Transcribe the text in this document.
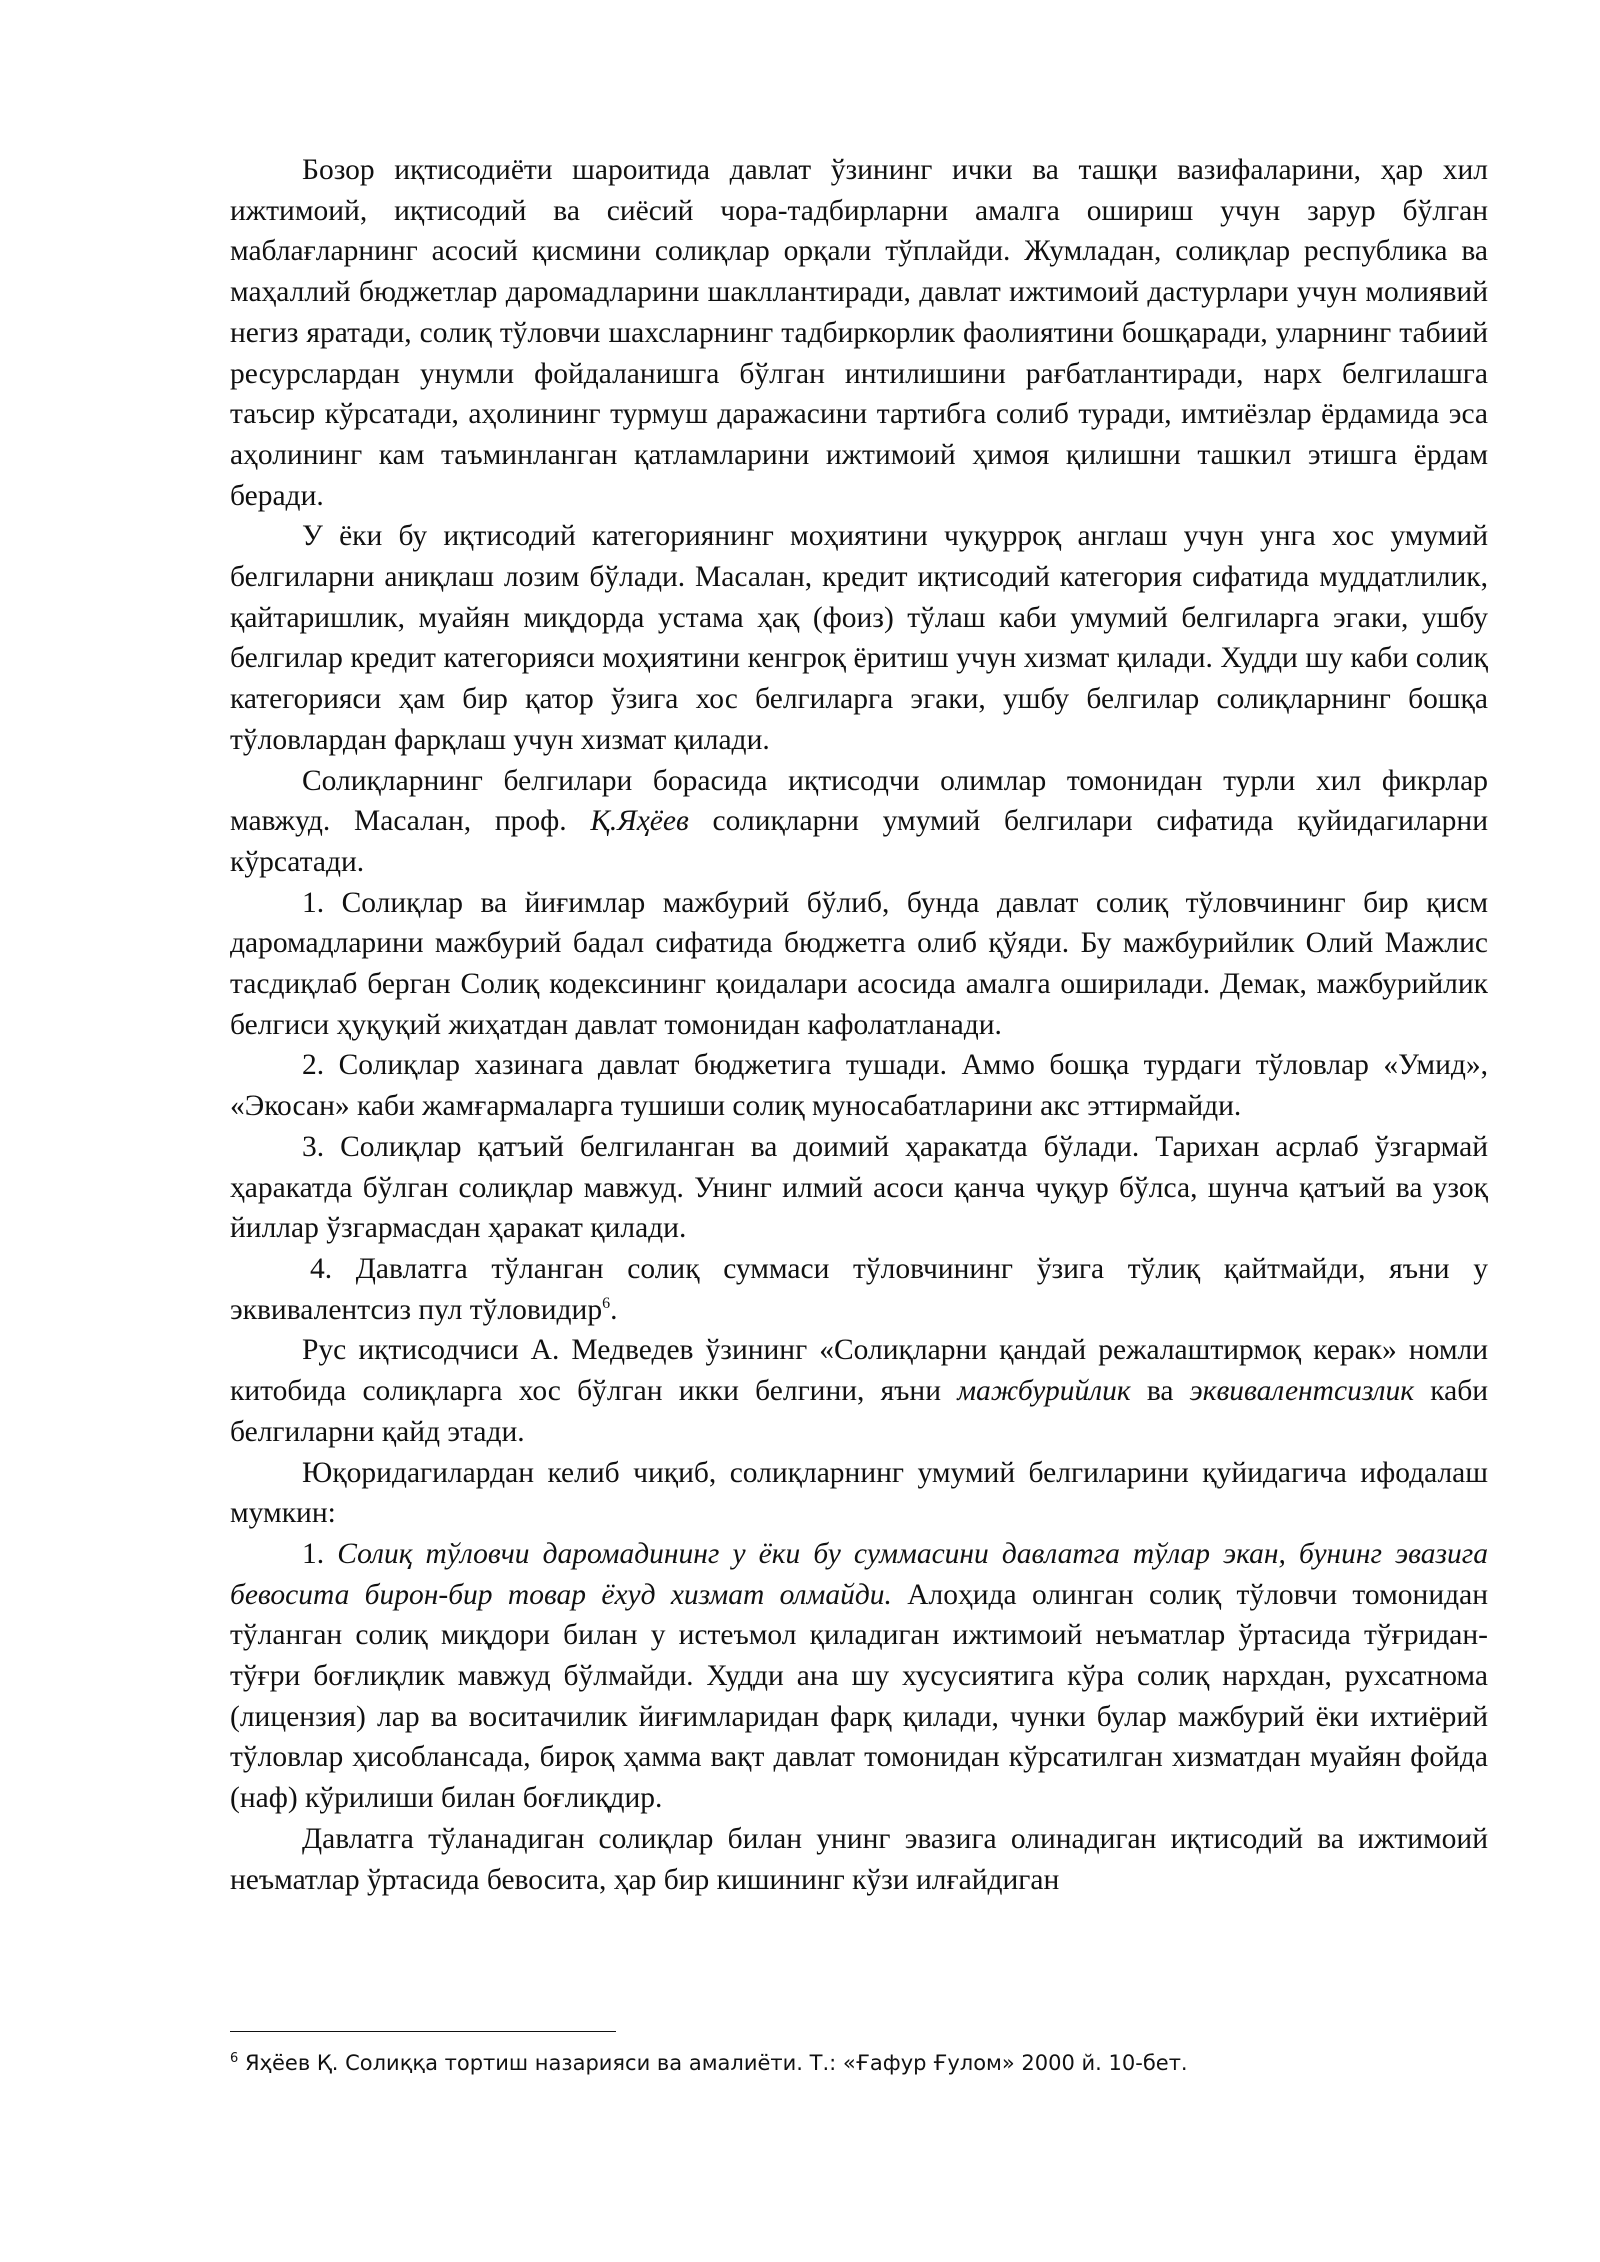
Бозор иқтисодиёти шароитида давлат ўзининг ички ва ташқи вазифаларини, ҳар хил ижтимоий, иқтисодий ва сиёсий чора-тадбирларни амалга ошириш учун зарур бўлган маблағларнинг асосий қисмини солиқлар орқали тўплайди. Жумладан, солиқлар республика ва маҳаллий бюджетлар даромадларини шакллантиради, давлат ижтимоий дастурлари учун молиявий негиз яратади, солиқ тўловчи шахсларнинг тадбиркорлик фаолиятини бошқаради, уларнинг табиий ресурслардан унумли фойдаланишга бўлган интилишини рағбатлантиради, нарх белгилашга таъсир кўрсатади, аҳолининг турмуш даражасини тартибга солиб туради, имтиёзлар ёрдамида эса аҳолининг кам таъминланган қатламларини ижтимоий ҳимоя қилишни ташкил этишга ёрдам беради.

У ёки бу иқтисодий категориянинг моҳиятини чуқурроқ англаш учун унга хос умумий белгиларни аниқлаш лозим бўлади. Масалан, кредит иқтисодий категория сифатида муддатлилик, қайтаришлик, муайян миқдорда устама ҳақ (фоиз) тўлаш каби умумий белгиларга эгаки, ушбу белгилар кредит категорияси моҳиятини кенгроқ ёритиш учун хизмат қилади. Худди шу каби солиқ категорияси ҳам бир қатор ўзига хос белгиларга эгаки, ушбу белгилар солиқларнинг бошқа тўловлардан фарқлаш учун хизмат қилади.

Солиқларнинг белгилари борасида иқтисодчи олимлар томонидан турли хил фикрлар мавжуд. Масалан, проф. Қ.Яҳёев солиқларни умумий белгилари сифатида қуйидагиларни кўрсатади.

1. Солиқлар ва йиғимлар мажбурий бўлиб, бунда давлат солиқ тўловчининг бир қисм даромадларини мажбурий бадал сифатида бюджетга олиб қўяди. Бу мажбурийлик Олий Мажлис тасдиқлаб берган Солиқ кодексининг қоидалари асосида амалга оширилади. Демак, мажбурийлик белгиси ҳуқуқий жиҳатдан давлат томонидан кафолатланади.

2. Солиқлар хазинага давлат бюджетига тушади. Аммо бошқа турдаги тўловлар «Умид», «Экосан» каби жамғармаларга тушиши солиқ муносабатларини акс эттирмайди.

3. Солиқлар қатъий белгиланган ва доимий ҳаракатда бўлади. Тарихан асрлаб ўзгармай ҳаракатда бўлган солиқлар мавжуд. Унинг илмий асоси қанча чуқур бўлса, шунча қатъий ва узоқ йиллар ўзгармасдан ҳаракат қилади.

4. Давлатга тўланган солиқ суммаси тўловчининг ўзига тўлиқ қайтмайди, яъни у эквивалентсиз пул тўловидир$^6$.

Рус иқтисодчиси А. Медведев ўзининг «Солиқларни қандай режалаштирмоқ керак» номли китобида солиқларга хос бўлган икки белгини, яъни мажбурийлик ва эквивалентсизлик каби белгиларни қайд этади.

Юқоридагилардан келиб чиқиб, солиқларнинг умумий белгиларини қуйидагича ифодалаш мумкин:

1. Солиқ тўловчи даромадининг у ёки бу суммасини давлатга тўлар экан, бунинг эвазига бевосита бирон-бир товар ёхуд хизмат олмайди. Алоҳида олинган солиқ тўловчи томонидан тўланган солиқ миқдори билан у истеъмол қиладиган ижтимоий неъматлар ўртасида тўғридан-тўғри боғлиқлик мавжуд бўлмайди. Худди ана шу хусусиятига кўра солиқ нархдан, рухсатнома (лицензия) лар ва воситачилик йиғимларидан фарқ қилади, чунки булар мажбурий ёки ихтиёрий тўловлар ҳисоблансада, бироқ ҳамма вақт давлат томонидан кўрсатилган хизматдан муайян фойда (наф) кўрилиши билан боғлиқдир.

Давлатга тўланадиган солиқлар билан унинг эвазига олинадиган иқтисодий ва ижтимоий неъматлар ўртасида бевосита, ҳар бир кишининг кўзи илғайдиган

$^6$ Яҳёев Қ. Солиққа тортиш назарияси ва амалиёти. Т.: «Ғафур Ғулом» 2000 й. 10-бет.
